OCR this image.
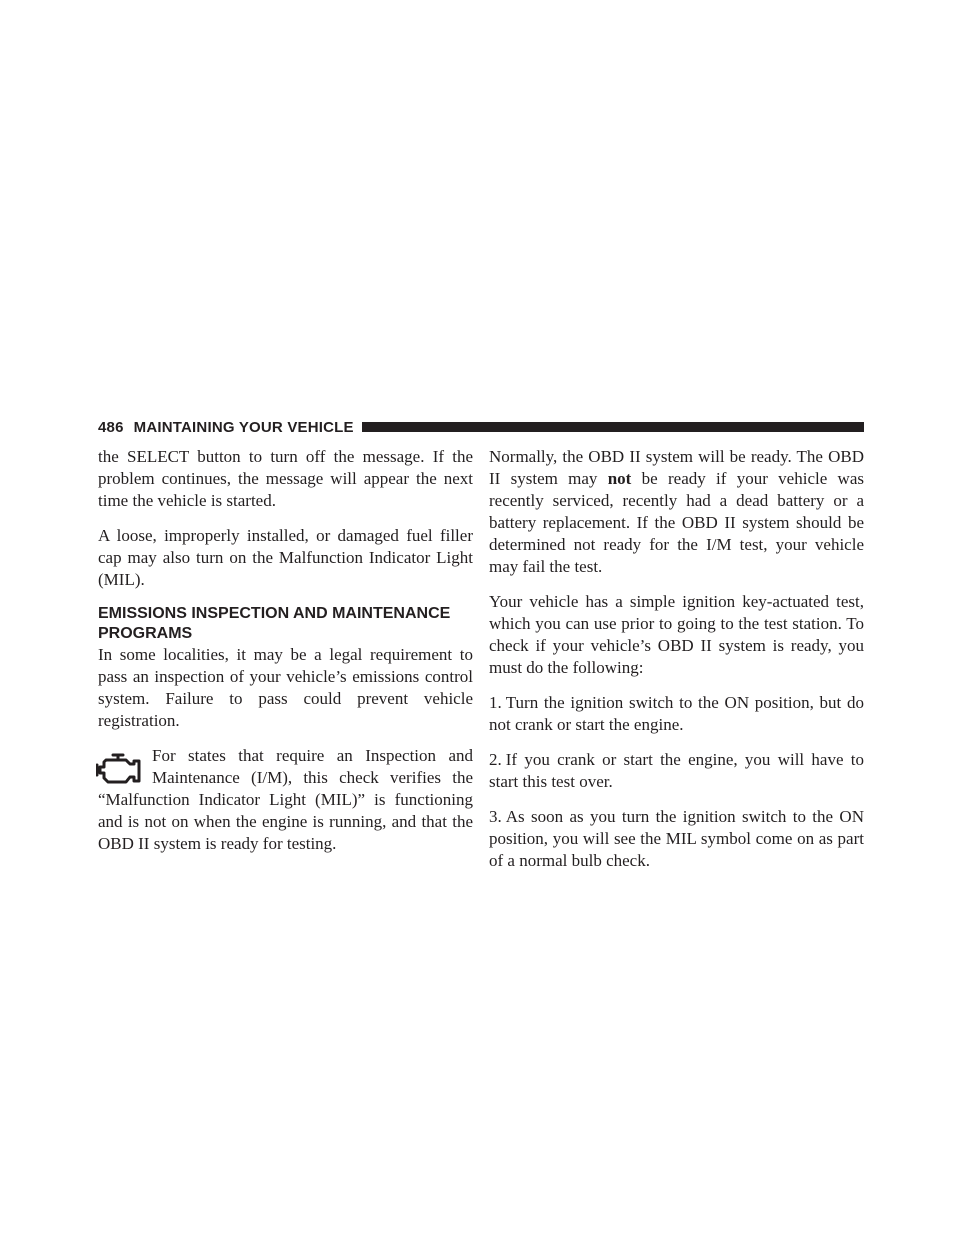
486 MAINTAINING YOUR VEHICLE

the SELECT button to turn off the message. If the problem continues, the message will appear the next time the vehicle is started.

A loose, improperly installed, or damaged fuel filler cap may also turn on the Malfunction Indicator Light (MIL).

EMISSIONS INSPECTION AND MAINTENANCE PROGRAMS

In some localities, it may be a legal requirement to pass an inspection of your vehicle’s emissions control system. Failure to pass could prevent vehicle registration.

For states that require an Inspection and Maintenance (I/M), this check verifies the “Malfunction Indicator Light (MIL)” is functioning and is not on when the engine is running, and that the OBD II system is ready for testing.

Normally, the OBD II system will be ready. The OBD II system may not be ready if your vehicle was recently serviced, recently had a dead battery or a battery replacement. If the OBD II system should be determined not ready for the I/M test, your vehicle may fail the test.

Your vehicle has a simple ignition key-actuated test, which you can use prior to going to the test station. To check if your vehicle’s OBD II system is ready, you must do the following:

1. Turn the ignition switch to the ON position, but do not crank or start the engine.

2. If you crank or start the engine, you will have to start this test over.

3. As soon as you turn the ignition switch to the ON position, you will see the MIL symbol come on as part of a normal bulb check.
